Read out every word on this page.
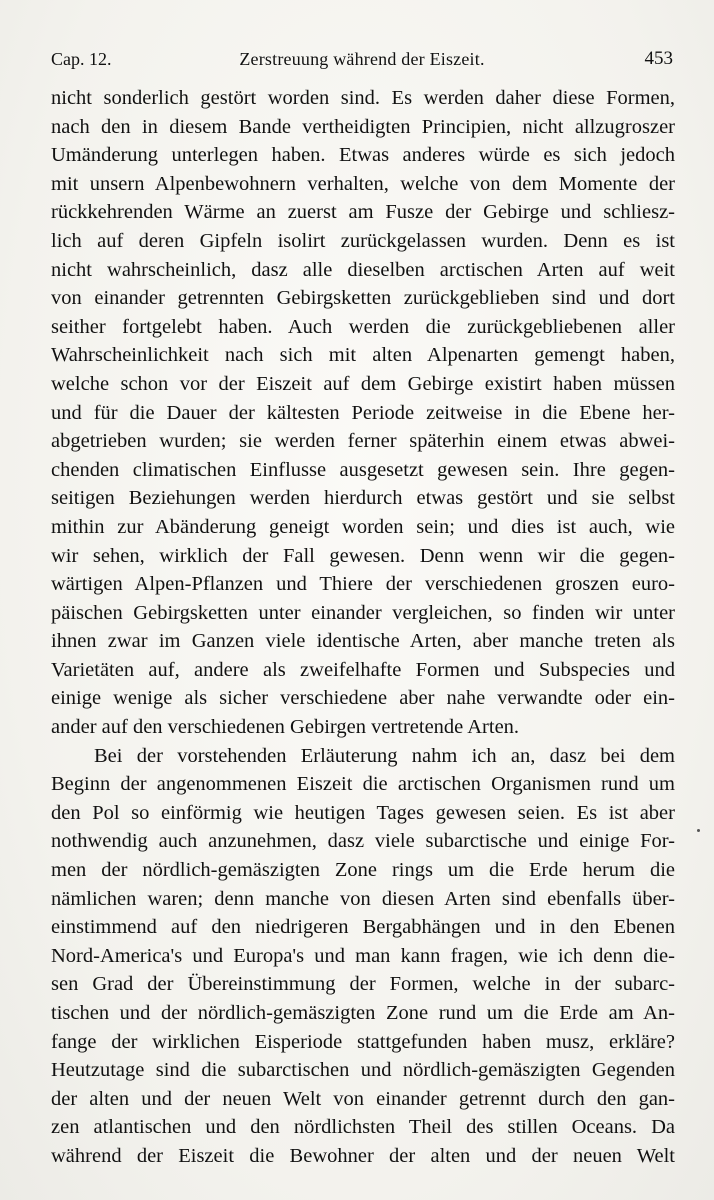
Cap. 12.	Zerstreuung während der Eiszeit.	453
nicht sonderlich gestört worden sind. Es werden daher diese Formen,
nach den in diesem Bande vertheidigten Principien, nicht allzugroszer
Umänderung unterlegen haben. Etwas anderes würde es sich jedoch
mit unsern Alpenbewohnern verhalten, welche von dem Momente der
rückkehrenden Wärme an zuerst am Fusze der Gebirge und schliesz-
lich auf deren Gipfeln isolirt zurückgelassen wurden. Denn es ist
nicht wahrscheinlich, dasz alle dieselben arctischen Arten auf weit
von einander getrennten Gebirgsketten zurückgeblieben sind und dort
seither fortgelebt haben. Auch werden die zurückgebliebenen aller
Wahrscheinlichkeit nach sich mit alten Alpenarten gemengt haben,
welche schon vor der Eiszeit auf dem Gebirge existirt haben müssen
und für die Dauer der kältesten Periode zeitweise in die Ebene her-
abgetrieben wurden; sie werden ferner späterhin einem etwas abwei-
chenden climatischen Einflusse ausgesetzt gewesen sein. Ihre gegen-
seitigen Beziehungen werden hierdurch etwas gestört und sie selbst
mithin zur Abänderung geneigt worden sein; und dies ist auch, wie
wir sehen, wirklich der Fall gewesen. Denn wenn wir die gegen-
wärtigen Alpen-Pflanzen und Thiere der verschiedenen groszen euro-
päischen Gebirgsketten unter einander vergleichen, so finden wir unter
ihnen zwar im Ganzen viele identische Arten, aber manche treten als
Varietäten auf, andere als zweifelhafte Formen und Subspecies und
einige wenige als sicher verschiedene aber nahe verwandte oder ein-
ander auf den verschiedenen Gebirgen vertretende Arten.
Bei der vorstehenden Erläuterung nahm ich an, dasz bei dem
Beginn der angenommenen Eiszeit die arctischen Organismen rund um
den Pol so einförmig wie heutigen Tages gewesen seien. Es ist aber
nothwendig auch anzunehmen, dasz viele subarctische und einige For-
men der nördlich-gemäszigten Zone rings um die Erde herum die
nämlichen waren; denn manche von diesen Arten sind ebenfalls über-
einstimmend auf den niedrigeren Bergabhängen und in den Ebenen
Nord-America's und Europa's und man kann fragen, wie ich denn die-
sen Grad der Übereinstimmung der Formen, welche in der subarc-
tischen und der nördlich-gemäszigten Zone rund um die Erde am An-
fange der wirklichen Eisperiode stattgefunden haben musz, erkläre?
Heutzutage sind die subarctischen und nördlich-gemäszigten Gegenden
der alten und der neuen Welt von einander getrennt durch den gan-
zen atlantischen und den nördlichsten Theil des stillen Oceans. Da
während der Eiszeit die Bewohner der alten und der neuen Welt
